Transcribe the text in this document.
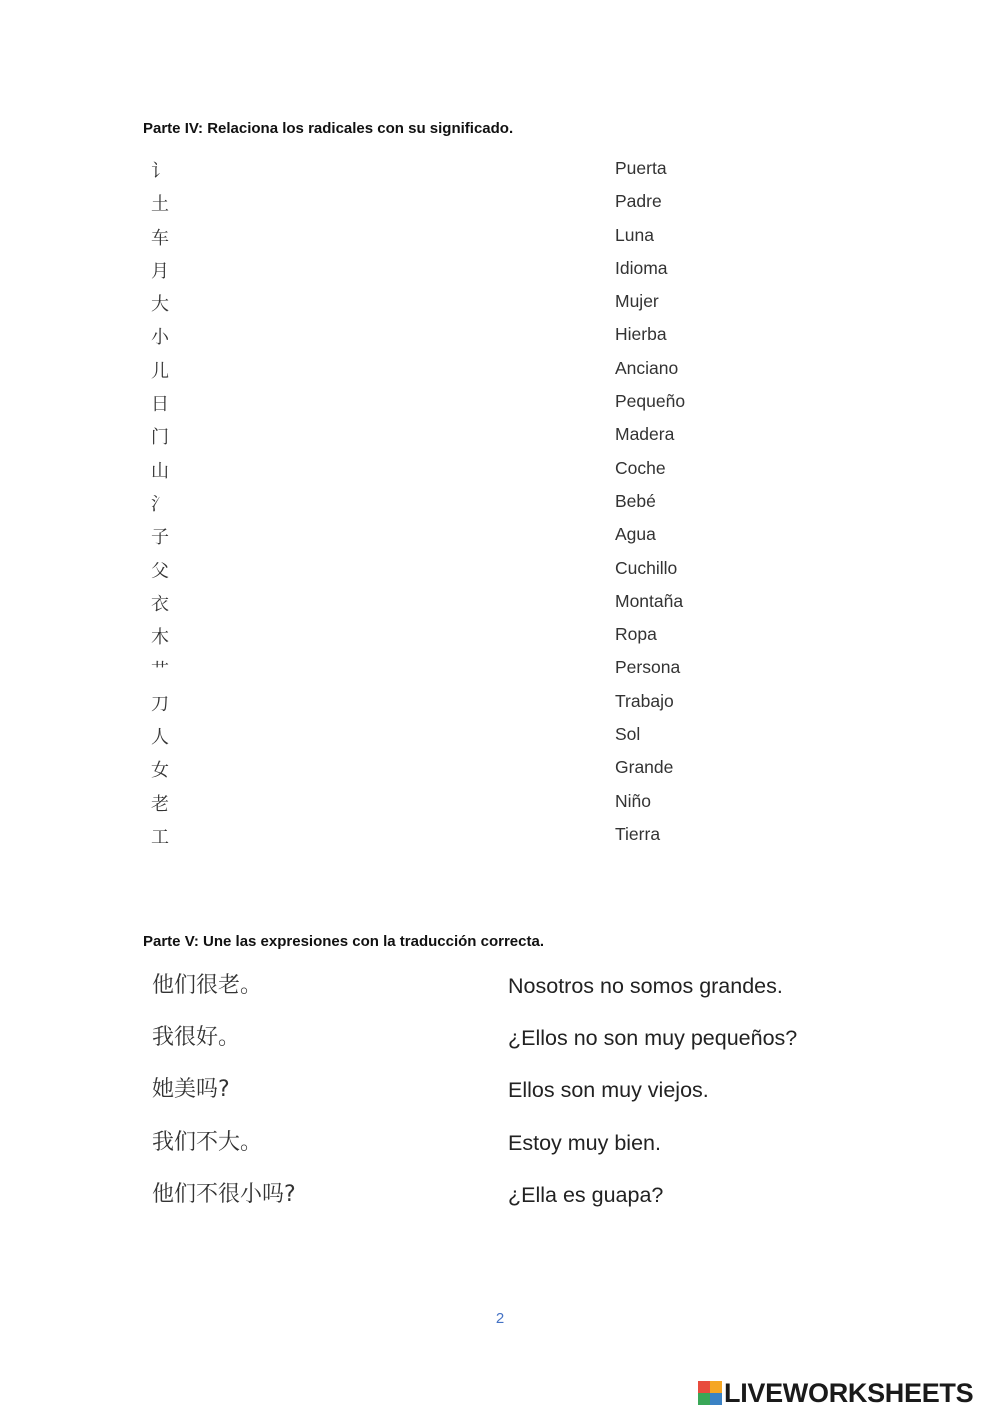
Parte IV: Relaciona los radicales con su significado.
讠
土
车
月
大
小
儿
日
门
山
氵
子
父
衣
木
艹
刀
人
女
老
工
Puerta
Padre
Luna
Idioma
Mujer
Hierba
Anciano
Pequeño
Madera
Coche
Bebé
Agua
Cuchillo
Montaña
Ropa
Persona
Trabajo
Sol
Grande
Niño
Tierra
Parte V: Une las expresiones con la traducción correcta.
他们很老。
我很好。
她美吗?
我们不大。
他们不很小吗?
Nosotros no somos grandes.
¿Ellos no son muy pequeños?
Ellos son muy viejos.
Estoy muy bien.
¿Ella es guapa?
2
LIVEWORKSHEETS
